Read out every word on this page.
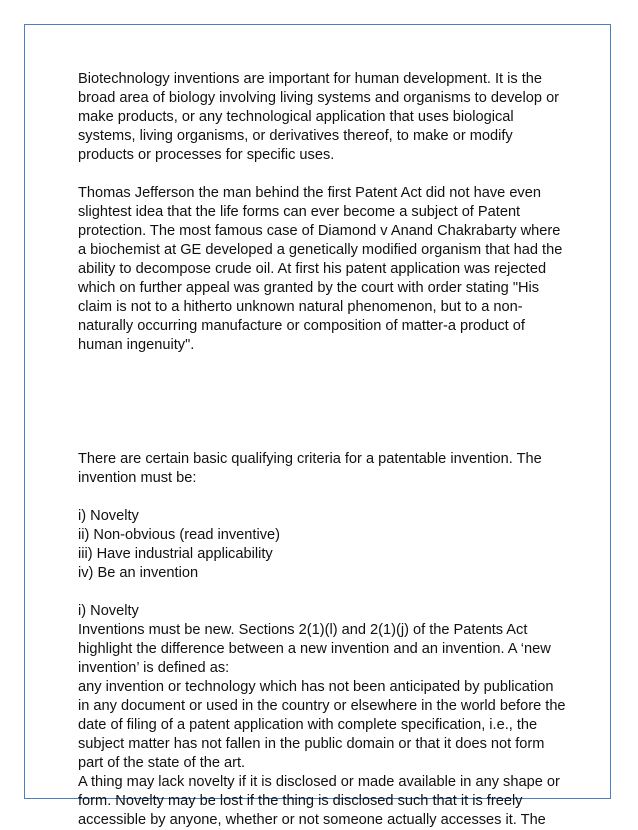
Biotechnology inventions are important for human development. It is the broad area of biology involving living systems and organisms to develop or make products, or any technological application that uses biological systems, living organisms, or derivatives thereof, to make or modify products or processes for specific uses.

Thomas Jefferson the man behind the first Patent Act did not have even slightest idea that the life forms can ever become a subject of Patent protection. The most famous case of Diamond v Anand Chakrabarty where a biochemist at GE developed a genetically modified organism that had the ability to decompose crude oil. At first his patent application was rejected which on further appeal was granted by the court with order stating "His claim is not to a hitherto unknown natural phenomenon, but to a non-naturally occurring manufacture or composition of matter-a product of human ingenuity".

There are certain basic qualifying criteria for a patentable invention. The invention must be:

i) Novelty
ii) Non-obvious (read inventive)
iii) Have industrial applicability
iv) Be an invention

i) Novelty

Inventions must be new. Sections 2(1)(l) and 2(1)(j) of the Patents Act highlight the difference between a new invention and an invention. A ‘new invention’ is defined as:

any invention or technology which has not been anticipated by publication in any document or used in the country or elsewhere in the world before the date of filing of a patent application with complete specification, i.e., the subject matter has not fallen in the public domain or that it does not form part of the state of the art.

A thing may lack novelty if it is disclosed or made available in any shape or form. Novelty may be lost if the thing is disclosed such that it is freely accessible by anyone, whether or not someone actually accesses it. The
